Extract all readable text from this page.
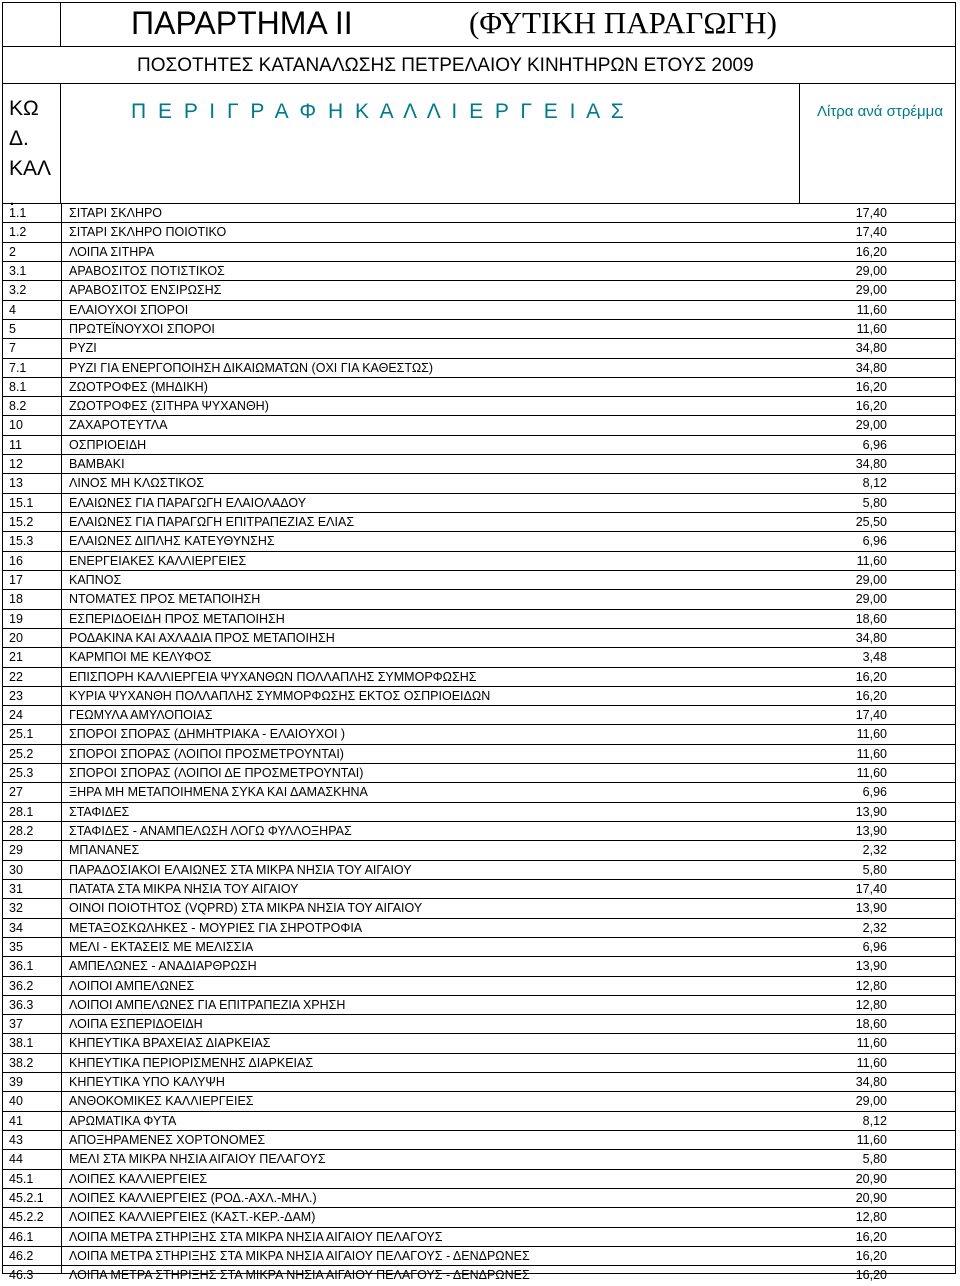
ΠΑΡΑΡΤΗΜΑ ΙΙ	(ΦΥΤΙΚΗ ΠΑΡΑΓΩΓΗ)
ΠΟΣΟΤΗΤΕΣ ΚΑΤΑΝΑΛΩΣΗΣ ΠΕΤΡΕΛΑΙΟΥ ΚΙΝΗΤΗΡΩΝ ΕΤΟΥΣ 2009
ΚΩ
Δ.
ΚΑΛ
.
Π Ε Ρ Ι Γ Ρ Α Φ Η Κ Α Λ Λ Ι Ε Ρ Γ Ε Ι Α Σ	Λίτρα ανά στρέμμα
1.1	ΣΙΤΑΡΙ ΣΚΛΗΡΟ	17,40
1.2	ΣΙΤΑΡΙ ΣΚΛΗΡΟ ΠΟΙΟΤΙΚΟ	17,40
2	ΛΟΙΠΑ ΣΙΤΗΡΑ	16,20
3.1	ΑΡΑΒΟΣΙΤΟΣ ΠΟΤΙΣΤΙΚΟΣ	29,00
3.2	ΑΡΑΒΟΣΙΤΟΣ ΕΝΣΙΡΩΣΗΣ	29,00
4	ΕΛΑΙΟΥΧΟΙ ΣΠΟΡΟΙ	11,60
5	ΠΡΩΤΕΪΝΟΥΧΟΙ ΣΠΟΡΟΙ	11,60
7	ΡΥΖΙ	34,80
7.1	ΡΥΖΙ ΓΙΑ ΕΝΕΡΓΟΠΟΙΗΣΗ ΔΙΚΑΙΩΜΑΤΩΝ (ΟΧΙ ΓΙΑ ΚΑΘΕΣΤΩΣ)	34,80
8.1	ΖΩΟΤΡΟΦΕΣ (ΜΗΔΙΚΗ)	16,20
8.2	ΖΩΟΤΡΟΦΕΣ (ΣΙΤΗΡΑ ΨΥΧΑΝΘΗ)	16,20
10	ΖΑΧΑΡΟΤΕΥΤΛΑ	29,00
11	ΟΣΠΡΙΟΕΙΔΗ	6,96
12	ΒΑΜΒΑΚΙ	34,80
13	ΛΙΝΟΣ ΜΗ ΚΛΩΣΤΙΚΟΣ	8,12
15.1	ΕΛΑΙΩΝΕΣ ΓΙΑ ΠΑΡΑΓΩΓΗ ΕΛΑΙΟΛΑΔΟΥ	5,80
15.2	ΕΛΑΙΩΝΕΣ ΓΙΑ ΠΑΡΑΓΩΓΗ ΕΠΙΤΡΑΠΕΖΙΑΣ ΕΛΙΑΣ	25,50
15.3	ΕΛΑΙΩΝΕΣ ΔΙΠΛΗΣ ΚΑΤΕΥΘΥΝΣΗΣ	6,96
16	ΕΝΕΡΓΕΙΑΚΕΣ ΚΑΛΛΙΕΡΓΕΙΕΣ	11,60
17	ΚΑΠΝΟΣ	29,00
18	ΝΤΟΜΑΤΕΣ ΠΡΟΣ ΜΕΤΑΠΟΙΗΣΗ	29,00
19	ΕΣΠΕΡΙΔΟΕΙΔΗ ΠΡΟΣ ΜΕΤΑΠΟΙΗΣΗ	18,60
20	ΡΟΔΑΚΙΝΑ ΚΑΙ ΑΧΛΑΔΙΑ ΠΡΟΣ ΜΕΤΑΠΟΙΗΣΗ	34,80
21	ΚΑΡΜΠΟΙ ΜΕ ΚΕΛΥΦΟΣ	3,48
22	ΕΠΙΣΠΟΡΗ ΚΑΛΛΙΕΡΓΕΙΑ ΨΥΧΑΝΘΩΝ ΠΟΛΛΑΠΛΗΣ ΣΥΜΜΟΡΦΩΣΗΣ	16,20
23	ΚΥΡΙΑ ΨΥΧΑΝΘΗ ΠΟΛΛΑΠΛΗΣ ΣΥΜΜΟΡΦΩΣΗΣ ΕΚΤΟΣ ΟΣΠΡΙΟΕΙΔΩΝ	16,20
24	ΓΕΩΜΥΛΑ ΑΜΥΛΟΠΟΙΑΣ	17,40
25.1	ΣΠΟΡΟΙ ΣΠΟΡΑΣ (ΔΗΜΗΤΡΙΑΚΑ - ΕΛΑΙΟΥΧΟΙ )	11,60
25.2	ΣΠΟΡΟΙ ΣΠΟΡΑΣ (ΛΟΙΠΟΙ ΠΡΟΣΜΕΤΡΟΥΝΤΑΙ)	11,60
25.3	ΣΠΟΡΟΙ ΣΠΟΡΑΣ (ΛΟΙΠΟΙ ΔΕ ΠΡΟΣΜΕΤΡΟΥΝΤΑΙ)	11,60
27	ΞΗΡΑ ΜΗ ΜΕΤΑΠΟΙΗΜΕΝΑ ΣΥΚΑ ΚΑΙ ΔΑΜΑΣΚΗΝΑ	6,96
28.1	ΣΤΑΦΙΔΕΣ	13,90
28.2	ΣΤΑΦΙΔΕΣ - ΑΝΑΜΠΕΛΩΣΗ ΛΟΓΩ ΦΥΛΛΟΞΗΡΑΣ	13,90
29	ΜΠΑΝΑΝΕΣ	2,32
30	ΠΑΡΑΔΟΣΙΑΚΟΙ ΕΛΑΙΩΝΕΣ ΣΤΑ ΜΙΚΡΑ ΝΗΣΙΑ ΤΟΥ ΑΙΓΑΙΟΥ	5,80
31	ΠΑΤΑΤΑ ΣΤΑ ΜΙΚΡΑ ΝΗΣΙΑ ΤΟΥ ΑΙΓΑΙΟΥ	17,40
32	ΟΙΝΟΙ ΠΟΙΟΤΗΤΟΣ (VQPRD) ΣΤΑ ΜΙΚΡΑ ΝΗΣΙΑ ΤΟΥ ΑΙΓΑΙΟΥ	13,90
34	ΜΕΤΑΞΟΣΚΩΛΗΚΕΣ - ΜΟΥΡΙΕΣ ΓΙΑ ΣΗΡΟΤΡΟΦΙΑ	2,32
35	ΜΕΛΙ - ΕΚΤΑΣΕΙΣ ΜΕ ΜΕΛΙΣΣΙΑ	6,96
36.1	ΑΜΠΕΛΩΝΕΣ - ΑΝΑΔΙΑΡΘΡΩΣΗ	13,90
36.2	ΛΟΙΠΟΙ ΑΜΠΕΛΩΝΕΣ	12,80
36.3	ΛΟΙΠΟΙ ΑΜΠΕΛΩΝΕΣ ΓΙΑ ΕΠΙΤΡΑΠΕΖΙΑ ΧΡΗΣΗ	12,80
37	ΛΟΙΠΑ ΕΣΠΕΡΙΔΟΕΙΔΗ	18,60
38.1	ΚΗΠΕΥΤΙΚΑ ΒΡΑΧΕΙΑΣ ΔΙΑΡΚΕΙΑΣ	11,60
38.2	ΚΗΠΕΥΤΙΚΑ ΠΕΡΙΟΡΙΣΜΕΝΗΣ ΔΙΑΡΚΕΙΑΣ	11,60
39	ΚΗΠΕΥΤΙΚΑ ΥΠΟ ΚΑΛΥΨΗ	34,80
40	ΑΝΘΟΚΟΜΙΚΕΣ ΚΑΛΛΙΕΡΓΕΙΕΣ	29,00
41	ΑΡΩΜΑΤΙΚΑ ΦΥΤΑ	8,12
43	ΑΠΟΞΗΡΑΜΕΝΕΣ ΧΟΡΤΟΝΟΜΕΣ	11,60
44	ΜΕΛΙ ΣΤΑ ΜΙΚΡΑ ΝΗΣΙΑ ΑΙΓΑΙΟΥ ΠΕΛΑΓΟΥΣ	5,80
45.1	ΛΟΙΠΕΣ ΚΑΛΛΙΕΡΓΕΙΕΣ	20,90
45.2.1 ΛΟΙΠΕΣ ΚΑΛΛΙΕΡΓΕΙΕΣ (ΡΟΔ.-ΑΧΛ.-ΜΗΛ.)	20,90
45.2.2 ΛΟΙΠΕΣ ΚΑΛΛΙΕΡΓΕΙΕΣ (ΚΑΣΤ.-ΚΕΡ.-ΔΑΜ)	12,80
46.1	ΛΟΙΠΑ ΜΕΤΡΑ ΣΤΗΡΙΞΗΣ ΣΤΑ ΜΙΚΡΑ ΝΗΣΙΑ ΑΙΓΑΙΟΥ ΠΕΛΑΓΟΥΣ	16,20
46.2	ΛΟΙΠΑ ΜΕΤΡΑ ΣΤΗΡΙΞΗΣ ΣΤΑ ΜΙΚΡΑ ΝΗΣΙΑ ΑΙΓΑΙΟΥ ΠΕΛΑΓΟΥΣ - ΔΕΝΔΡΩΝΕΣ	16,20
46.3	ΛΟΙΠΑ ΜΕΤΡΑ ΣΤΗΡΙΞΗΣ ΣΤΑ ΜΙΚΡΑ ΝΗΣΙΑ ΑΙΓΑΙΟΥ ΠΕΛΑΓΟΥΣ - ΔΕΝΔΡΩΝΕΣ	16,20
